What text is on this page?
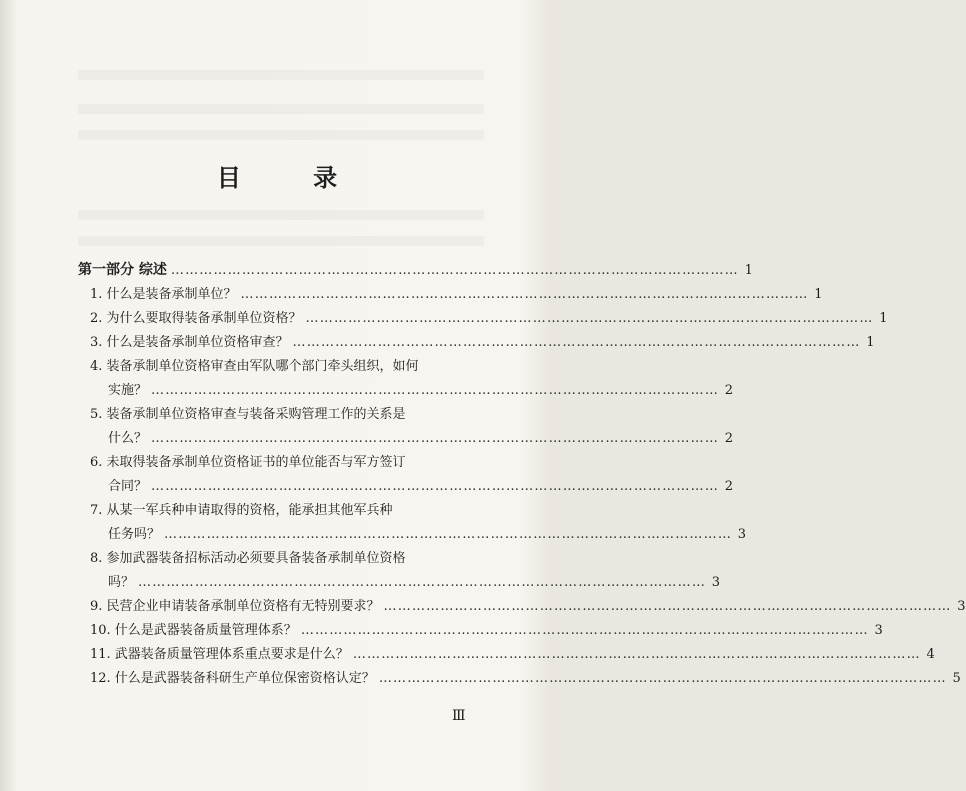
目 录
第一部分 综述 ………………………………………………………………………………………………………… 1
1. 什么是装备承制单位？ ………………………………………………………………………………………………………… 1
2. 为什么要取得装备承制单位资格？ ………………………………………………………………………………………………………… 1
3. 什么是装备承制单位资格审查？ ………………………………………………………………………………………………………… 1
4. 装备承制单位资格审查由军队哪个部门牵头组织，如何
实施？ ………………………………………………………………………………………………………… 2
5. 装备承制单位资格审查与装备采购管理工作的关系是
什么？ ………………………………………………………………………………………………………… 2
6. 未取得装备承制单位资格证书的单位能否与军方签订
合同？ ………………………………………………………………………………………………………… 2
7. 从某一军兵种申请取得的资格，能承担其他军兵种
任务吗？ ………………………………………………………………………………………………………… 3
8. 参加武器装备招标活动必须要具备装备承制单位资格
吗？ ………………………………………………………………………………………………………… 3
9. 民营企业申请装备承制单位资格有无特别要求？ ………………………………………………………………………………………………………… 3
10. 什么是武器装备质量管理体系？ ………………………………………………………………………………………………………… 3
11. 武器装备质量管理体系重点要求是什么？ ………………………………………………………………………………………………………… 4
12. 什么是武器装备科研生产单位保密资格认定？ ………………………………………………………………………………………………………… 5
Ⅲ
